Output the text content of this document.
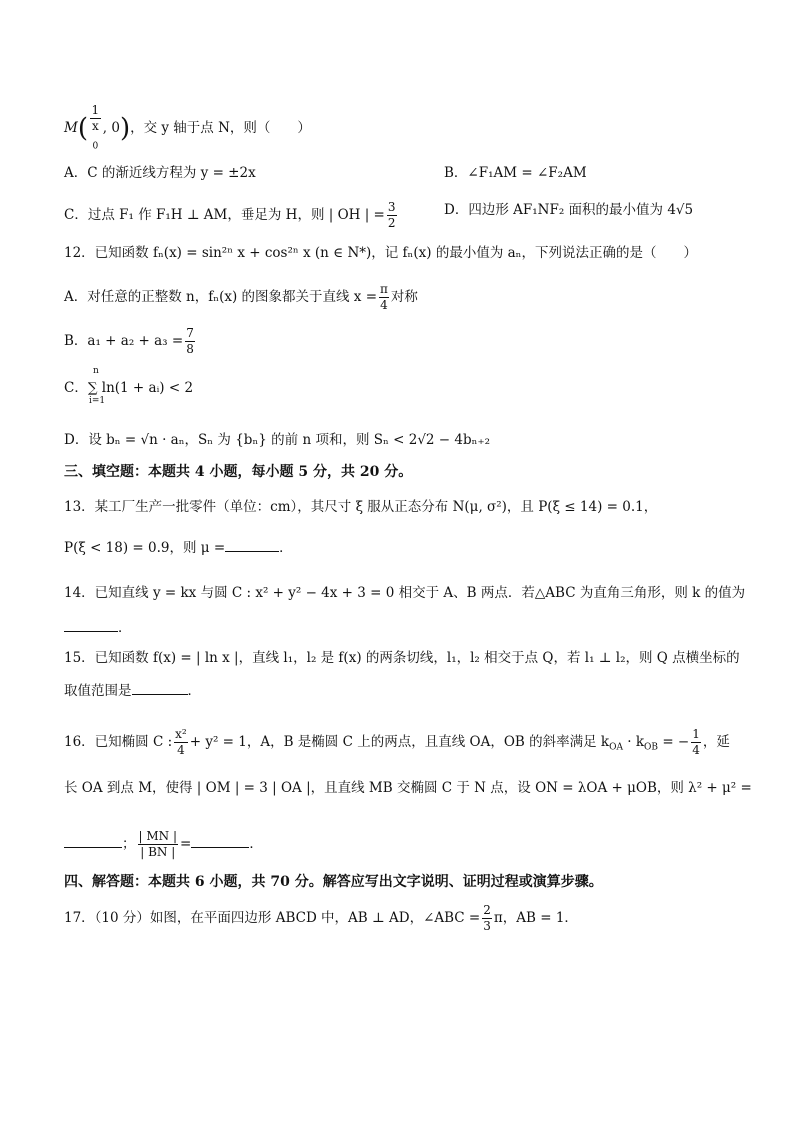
M( 1
x
$_0$ , 0)，交 y 轴于点 N，则（　　）
A．C 的渐近线方程为 y = ±2x	B．∠F₁AM = ∠F₂AM
C．过点 F₁ 作 F₁H ⊥ AM，垂足为 H，则 | OH | = $\frac{3}{2}$	D．四边形 AF₁NF₂ 面积的最小值为 4√5
12．已知函数 fₙ(x) = sin²ⁿ x + cos²ⁿ x (n ∈ N*)，记 fₙ(x) 的最小值为 aₙ，下列说法正确的是（　　）
A．对任意的正整数 n，fₙ(x) 的图象都关于直线 $x = \frac{\pi}{4}$ 对称
B．$a_1 + a_2 + a_3 = \frac{7}{8}$
C．∑ ln(1 + aᵢ) < 2
n
i=1
D．设 bₙ = √n · aₙ，Sₙ 为 {bₙ} 的前 n 项和，则 Sₙ < 2√2 − 4bₙ₊₂
三、填空题：本题共 4 小题，每小题 5 分，共 20 分。
13．某工厂生产一批零件（单位：cm），其尺寸 ξ 服从正态分布 N(μ, σ²)，且 P(ξ ≤ 14) = 0.1，
P(ξ < 18) = 0.9，则 μ =	．
14．已知直线 y = kx 与圆 C : x² + y² − 4x + 3 = 0 相交于 A、B 两点．若△ABC 为直角三角形，则 k 的值为
．
15．已知函数 f(x) = | ln x |，直线 l₁，l₂ 是 f(x) 的两条切线，l₁，l₂ 相交于点 Q，若 l₁ ⊥ l₂，则 Q 点横坐标的
取值范围是	．
16．已知椭圆 C : $\frac{\text{x²}}{4} + y^2 = 1$，A，B 是椭圆 C 上的两点，且直线 OA，OB 的斜率满足 $k_{OA} \cdot k_{OB}$ = − $\frac{1}{4}$ ，延
长 OA 到点 M，使得 | OM | = 3 | OA |，且直线 MB 交椭圆 C 于 N 点，设 ON = λOA + μOB，则 λ² + μ² =
； $\frac{| MN |}{| BN |}$ =	．
四、解答题：本题共 6 小题，共 70 分。解答应写出文字说明、证明过程或演算步骤。
17．（10 分）如图，在平面四边形 ABCD 中，AB ⊥ AD，∠ABC = $\frac{2}{3}$ π，AB = 1．
